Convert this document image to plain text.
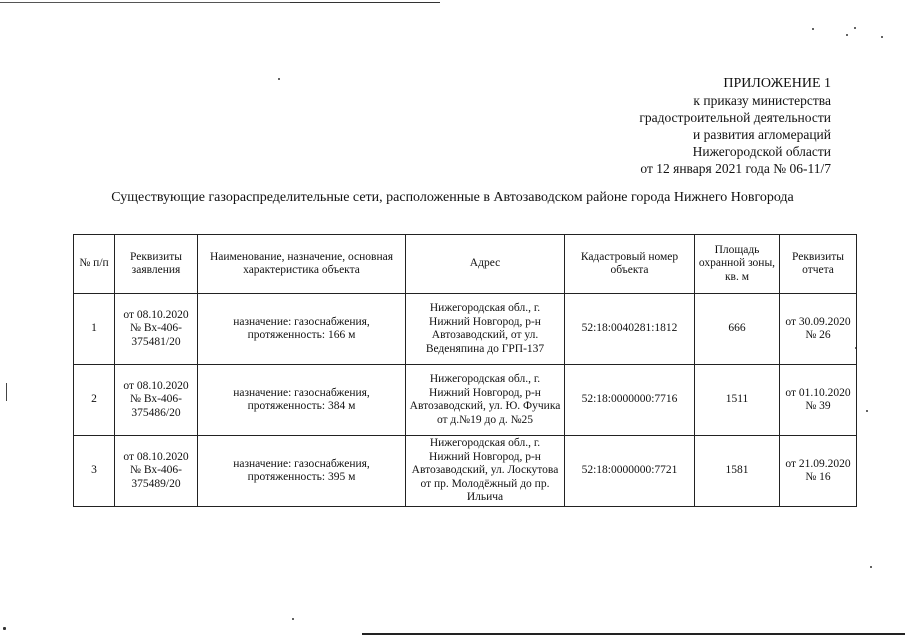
ПРИЛОЖЕНИЕ 1
к приказу министерства
градостроительной деятельности
и развития агломераций
Нижегородской области
от 12 января 2021 года № 06-11/7
Существующие газораспределительные сети, расположенные в Автозаводском районе города Нижнего Новгорода
№ п/п	Реквизиты заявления	Наименование, назначение, основная характеристика объекта	Адрес	Кадастровый номер объекта	Площадь охранной зоны, кв. м	Реквизиты отчета
1	от 08.10.2020 № Вх-406-375481/20	назначение: газоснабжения, протяженность: 166 м	Нижегородская обл., г. Нижний Новгород, р-н Автозаводский, от ул. Веденяпина до ГРП-137	52:18:0040281:1812	666	от 30.09.2020 № 26
2	от 08.10.2020 № Вх-406-375486/20	назначение: газоснабжения, протяженность: 384 м	Нижегородская обл., г. Нижний Новгород, р-н Автозаводский, ул. Ю. Фучика от д.№19 до д. №25	52:18:0000000:7716	1511	от 01.10.2020 № 39
3	от 08.10.2020 № Вх-406-375489/20	назначение: газоснабжения, протяженность: 395 м	Нижегородская обл., г. Нижний Новгород, р-н Автозаводский, ул. Лоскутова от пр. Молодёжный до пр. Ильича	52:18:0000000:7721	1581	от 21.09.2020 № 16
